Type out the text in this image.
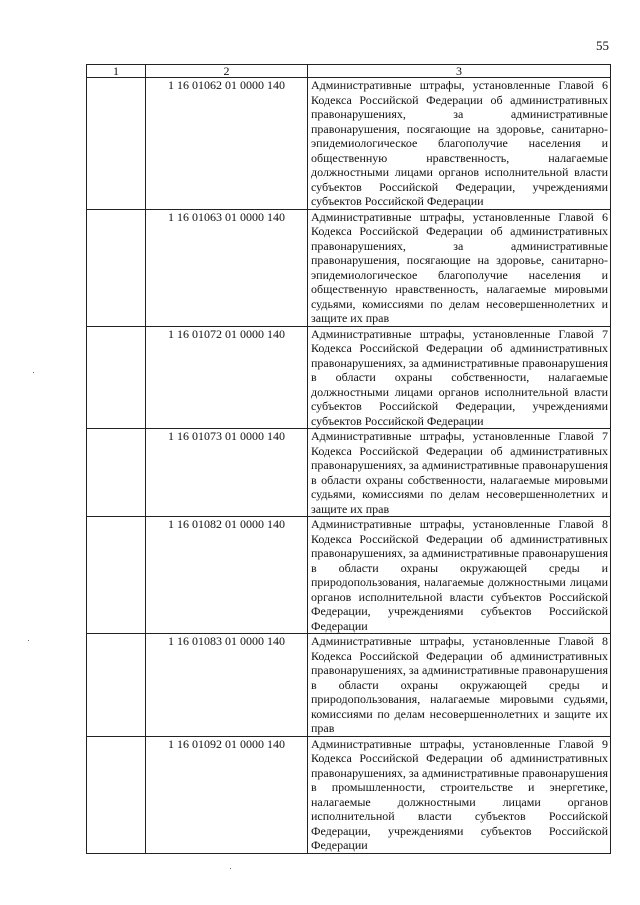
55
1	2	3
	1 16 01062 01 0000 140	Административные штрафы, установленные Главой 6 Кодекса Российской Федерации об административных правонарушениях, за административные правонарушения, посягающие на здоровье, санитарно-эпидемиологическое благополучие населения и общественную нравственность, налагаемые должностными лицами органов исполнительной власти субъектов Российской Федерации, учреждениями субъектов Российской Федерации
	1 16 01063 01 0000 140	Административные штрафы, установленные Главой 6 Кодекса Российской Федерации об административных правонарушениях, за административные правонарушения, посягающие на здоровье, санитарно-эпидемиологическое благополучие населения и общественную нравственность, налагаемые мировыми судьями, комиссиями по делам несовершеннолетних и защите их прав
	1 16 01072 01 0000 140	Административные штрафы, установленные Главой 7 Кодекса Российской Федерации об административных правонарушениях, за административные правонарушения в области охраны собственности, налагаемые должностными лицами органов исполнительной власти субъектов Российской Федерации, учреждениями субъектов Российской Федерации
	1 16 01073 01 0000 140	Административные штрафы, установленные Главой 7 Кодекса Российской Федерации об административных правонарушениях, за административные правонарушения в области охраны собственности, налагаемые мировыми судьями, комиссиями по делам несовершеннолетних и защите их прав
	1 16 01082 01 0000 140	Административные штрафы, установленные Главой 8 Кодекса Российской Федерации об административных правонарушениях, за административные правонарушения в области охраны окружающей среды и природопользования, налагаемые должностными лицами органов исполнительной власти субъектов Российской Федерации, учреждениями субъектов Российской Федерации
	1 16 01083 01 0000 140	Административные штрафы, установленные Главой 8 Кодекса Российской Федерации об административных правонарушениях, за административные правонарушения в области охраны окружающей среды и природопользования, налагаемые мировыми судьями, комиссиями по делам несовершеннолетних и защите их прав
	1 16 01092 01 0000 140	Административные штрафы, установленные Главой 9 Кодекса Российской Федерации об административных правонарушениях, за административные правонарушения в промышленности, строительстве и энергетике, налагаемые должностными лицами органов исполнительной власти субъектов Российской Федерации, учреждениями субъектов Российской Федерации
